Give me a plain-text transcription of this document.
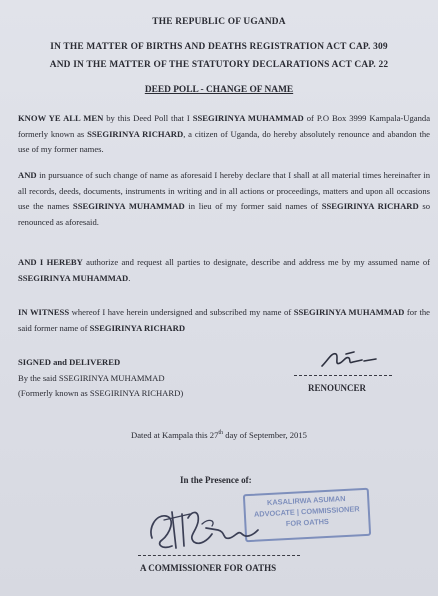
THE REPUBLIC OF UGANDA

IN THE MATTER OF BIRTHS AND DEATHS REGISTRATION ACT CAP. 309

AND IN THE MATTER OF THE STATUTORY DECLARATIONS ACT CAP. 22

DEED POLL - CHANGE OF NAME

KNOW YE ALL MEN by this Deed Poll that I SSEGIRINYA MUHAMMAD of P.O Box 3999 Kampala-Uganda formerly known as SSEGIRINYA RICHARD, a citizen of Uganda, do hereby absolutely renounce and abandon the use of my former names.
AND in pursuance of such change of name as aforesaid I hereby declare that I shall at all material times hereinafter in all records, deeds, documents, instruments in writing and in all actions or proceedings, matters and upon all occasions use the names SSEGIRINYA MUHAMMAD in lieu of my former said names of SSEGIRINYA RICHARD so renounced as aforesaid.
AND I HEREBY authorize and request all parties to designate, describe and address me by my assumed name of SSEGIRINYA MUHAMMAD.
IN WITNESS whereof I have herein undersigned and subscribed my name of SSEGIRINYA MUHAMMAD for the said former name of SSEGIRINYA RICHARD

SIGNED and DELIVERED

By the said SSEGIRINYA MUHAMMAD

(Formerly known as SSEGIRINYA RICHARD)	RENOUNCER

Dated at Kampala this 27th day of September, 2015

In the Presence of:

KASALIRWA ASUMAN
ADVOCATE | COMMISSIONER
FOR OATHS

A COMMISSIONER FOR OATHS
